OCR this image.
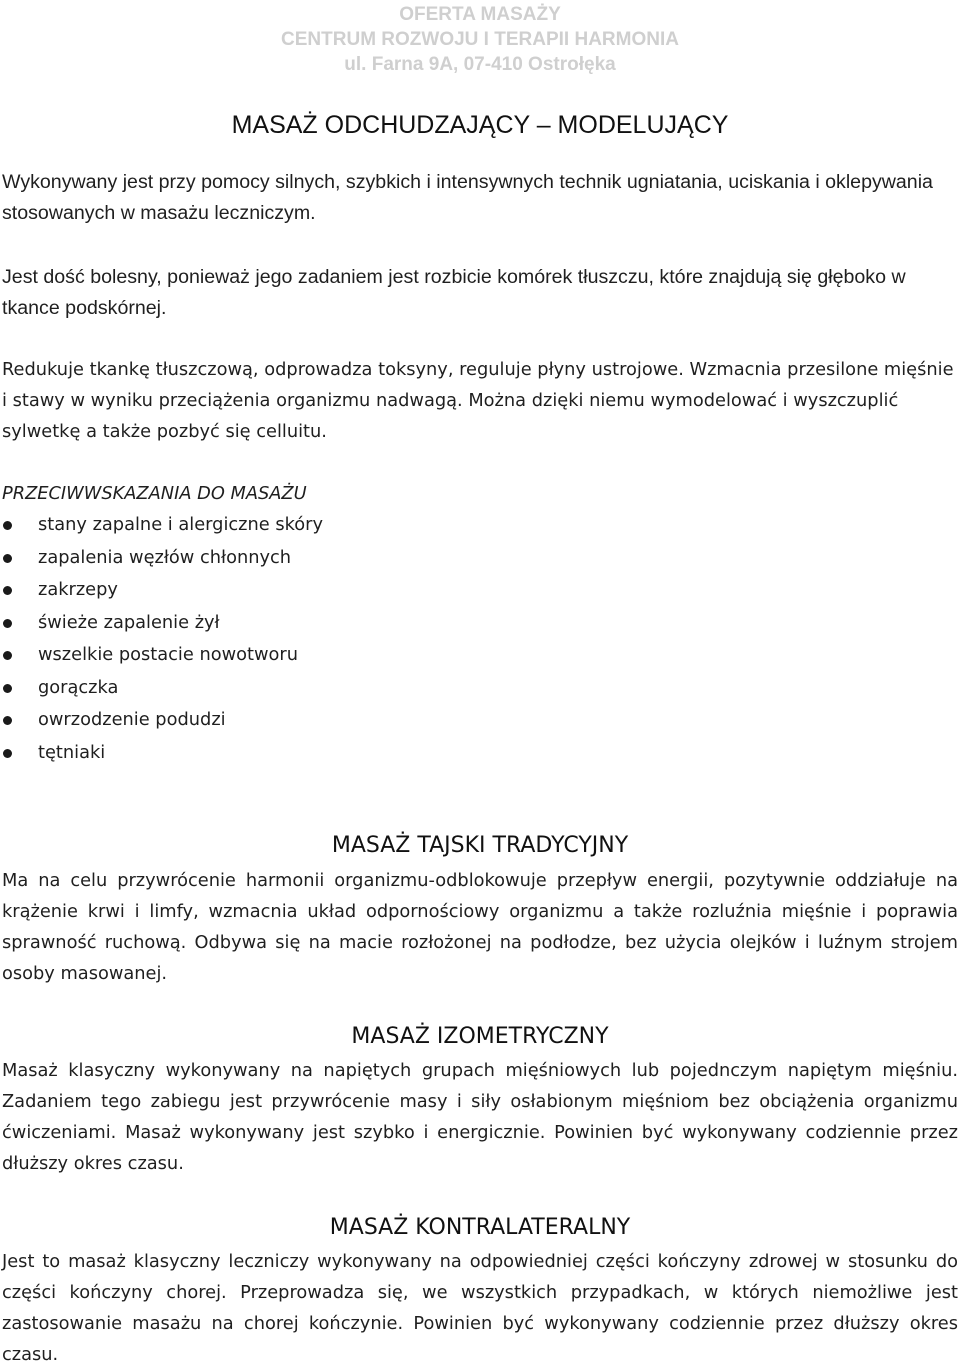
OFERTA MASAŻY
CENTRUM ROZWOJU I TERAPII HARMONIA
ul. Farna 9A, 07-410 Ostrołęka
MASAŻ ODCHUDZAJĄCY – MODELUJĄCY

Wykonywany jest przy pomocy silnych, szybkich i intensywnych technik ugniatania, uciskania i oklepywania stosowanych w masażu leczniczym.

Jest dość bolesny, ponieważ jego zadaniem jest rozbicie komórek tłuszczu, które znajdują się głęboko w tkance podskórnej.

Redukuje tkankę tłuszczową, odprowadza toksyny, reguluje płyny ustrojowe. Wzmacnia przesilone mięśnie i stawy w wyniku przeciążenia organizmu nadwagą. Można dzięki niemu wymodelować i wyszczuplić sylwetkę a także pozbyć się celluitu.

PRZECIWWSKAZANIA DO MASAŻU
stany zapalne i alergiczne skóry
zapalenia węzłów chłonnych
zakrzepy
świeże zapalenie żył
wszelkie postacie nowotworu
gorączka
owrzodzenie podudzi
tętniaki
MASAŻ TAJSKI TRADYCYJNY

Ma na celu przywrócenie harmonii organizmu-odblokowuje przepływ energii, pozytywnie oddziałuje na krążenie krwi i limfy, wzmacnia układ odpornościowy organizmu a także rozluźnia mięśnie i poprawia sprawność ruchową. Odbywa się na macie rozłożonej na podłodze, bez użycia olejków i luźnym strojem osoby masowanej.

MASAŻ IZOMETRYCZNY

Masaż klasyczny wykonywany na napiętych grupach mięśniowych lub pojednczym napiętym mięśniu. Zadaniem tego zabiegu jest przywrócenie masy i siły osłabionym mięśniom bez obciążenia organizmu ćwiczeniami. Masaż wykonywany jest szybko i energicznie. Powinien być wykonywany codziennie przez dłuższy okres czasu.

MASAŻ KONTRALATERALNY

Jest to masaż klasyczny leczniczy wykonywany na odpowiedniej części kończyny zdrowej w stosunku do części kończyny chorej. Przeprowadza się, we wszystkich przypadkach, w których niemożliwe jest zastosowanie masażu na chorej kończynie. Powinien być wykonywany codziennie przez dłuższy okres czasu.
